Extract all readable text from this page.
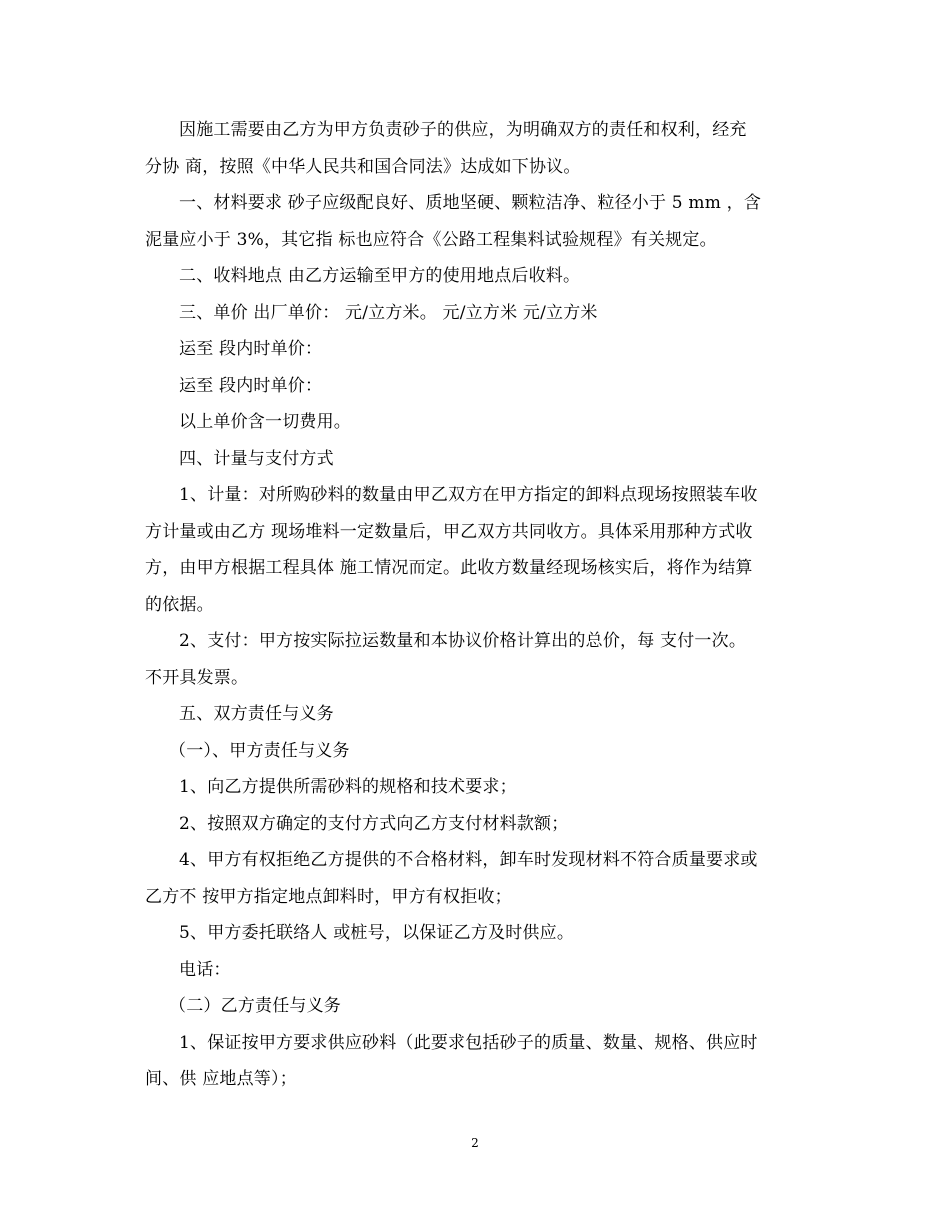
因施工需要由乙方为甲方负责砂子的供应，为明确双方的责任和权利，经充
分协 商，按照《中华人民共和国合同法》达成如下协议。
一、材料要求 砂子应级配良好、质地坚硬、颗粒洁净、粒径小于 5 mm ，含
泥量应小于 3%，其它指 标也应符合《公路工程集料试验规程》有关规定。
二、收料地点 由乙方运输至甲方的使用地点后收料。
三、单价 出厂单价： 元/立方米。 元/立方米 元/立方米
运至 段内时单价：
运至 段内时单价：
以上单价含一切费用。
四、计量与支付方式
1、计量：对所购砂料的数量由甲乙双方在甲方指定的卸料点现场按照装车收
方计量或由乙方 现场堆料一定数量后，甲乙双方共同收方。具体采用那种方式收
方，由甲方根据工程具体 施工情况而定。此收方数量经现场核实后，将作为结算
的依据。
2、支付：甲方按实际拉运数量和本协议价格计算出的总价，每 支付一次。
不开具发票。
五、双方责任与义务
（一）、甲方责任与义务
1、向乙方提供所需砂料的规格和技术要求；
2、按照双方确定的支付方式向乙方支付材料款额；
4、甲方有权拒绝乙方提供的不合格材料，卸车时发现材料不符合质量要求或
乙方不 按甲方指定地点卸料时，甲方有权拒收；
5、甲方委托联络人 或桩号，以保证乙方及时供应。
电话：
（二）乙方责任与义务
1、保证按甲方要求供应砂料（此要求包括砂子的质量、数量、规格、供应时
间、供 应地点等）；
2
